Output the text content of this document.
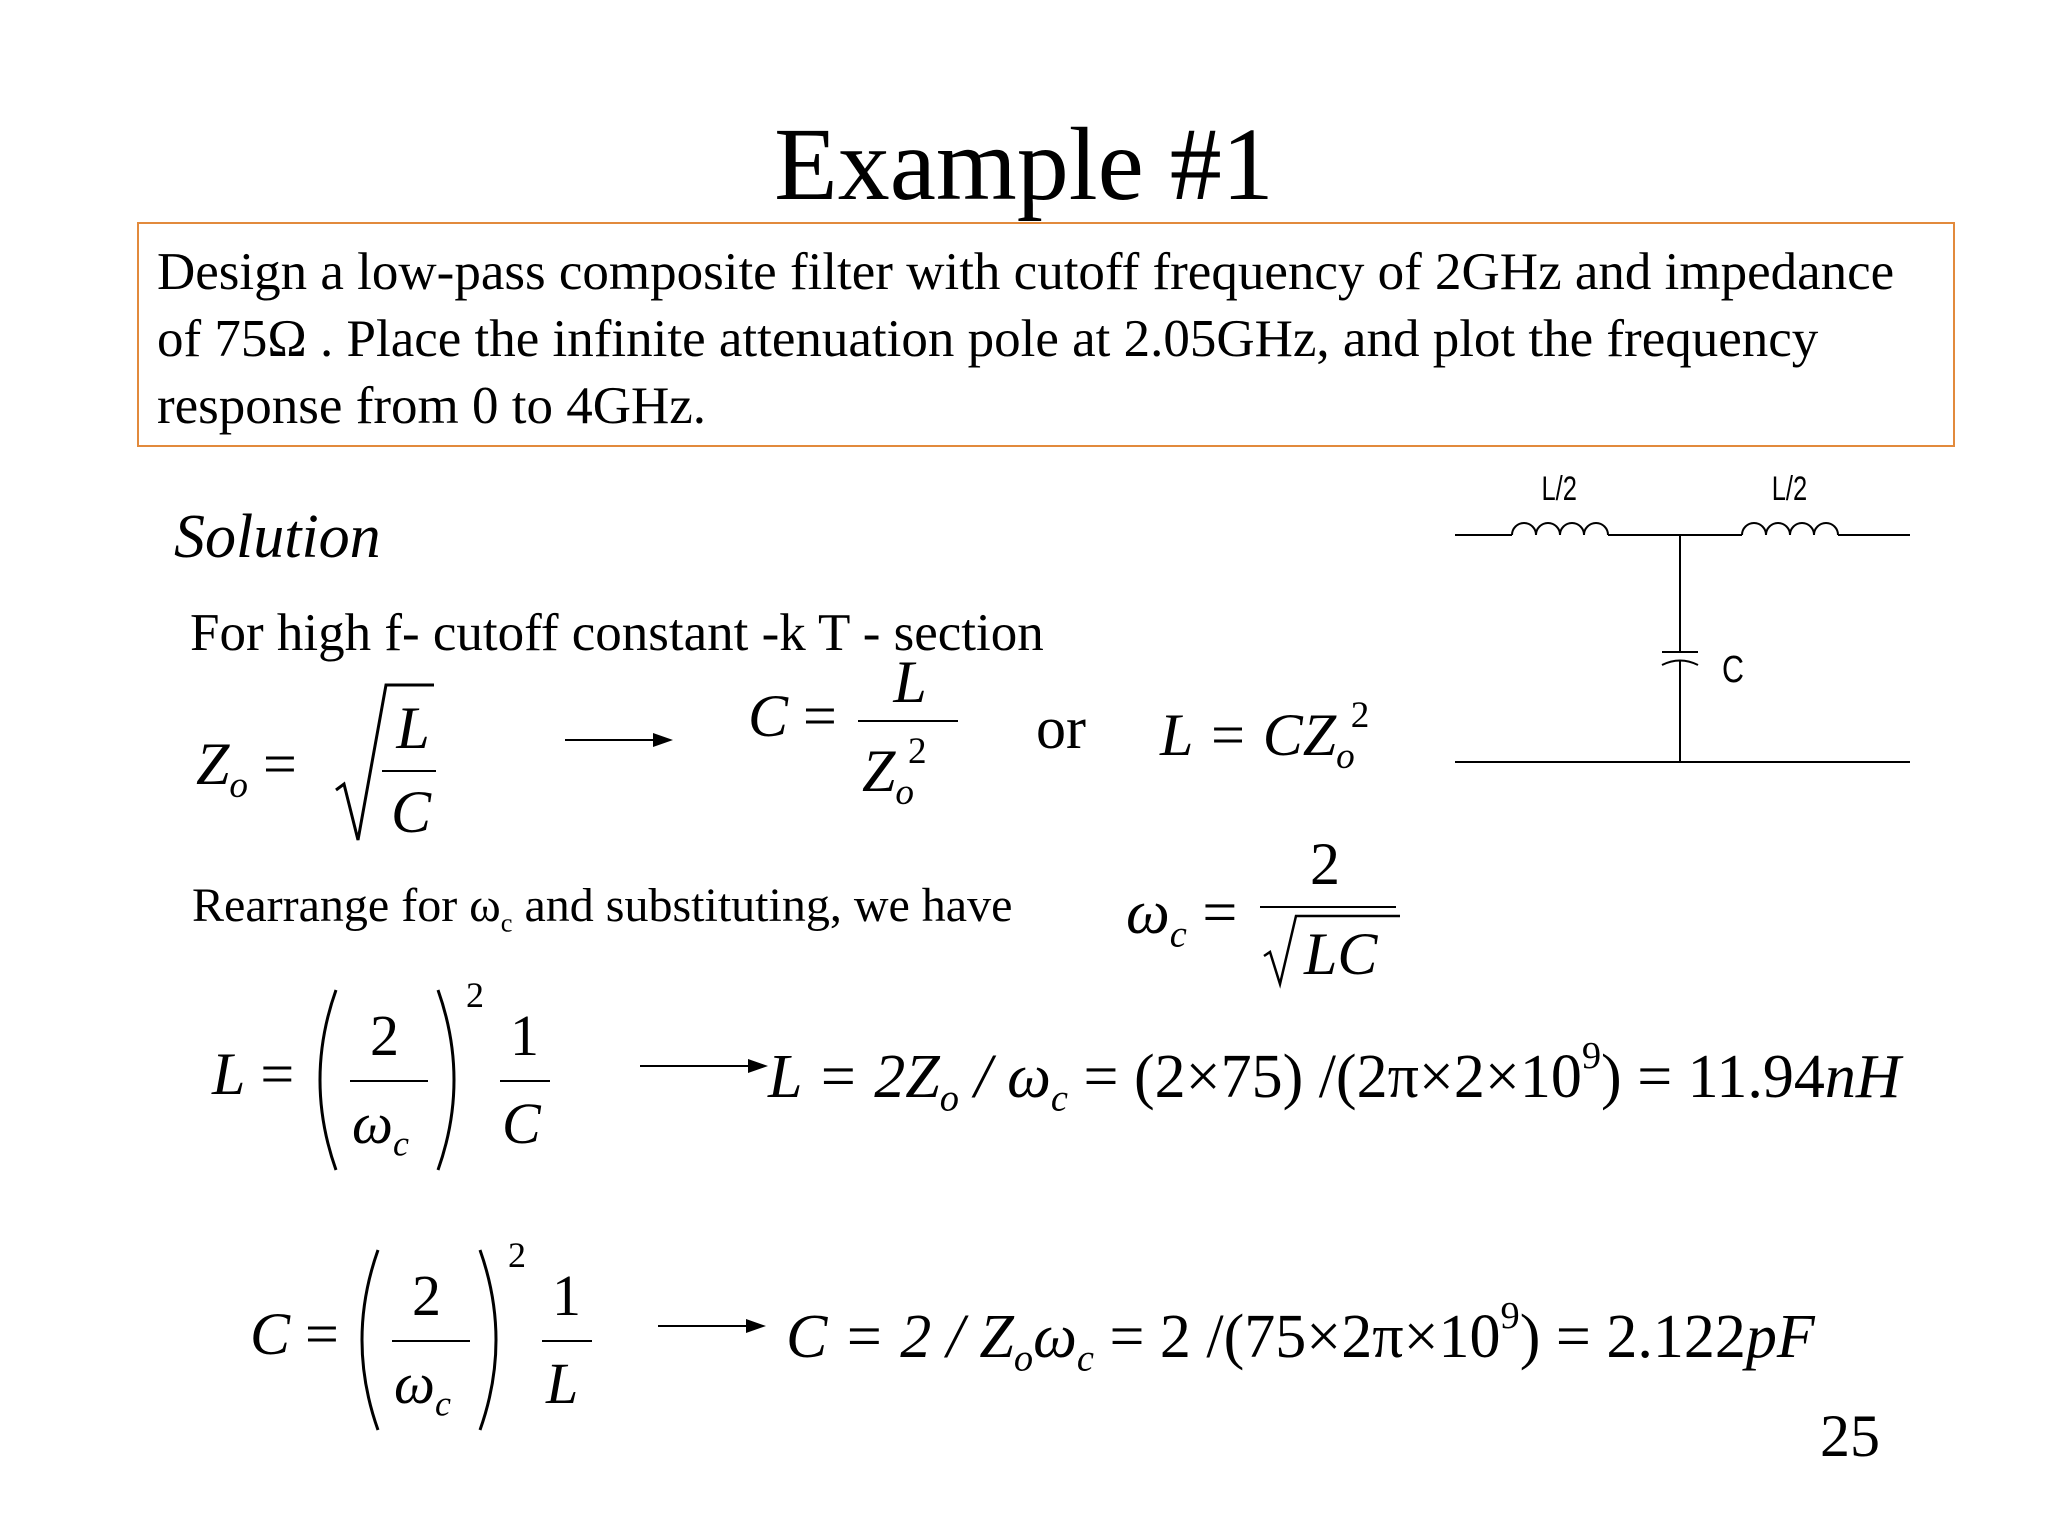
Example #1
Design a low-pass composite filter with cutoff frequency of 2GHz and impedance of 75Ω . Place the infinite attenuation pole at 2.05GHz, and plot the frequency response from 0 to 4GHz.
Solution
For high f- cutoff constant -k T - section
L/2	L/2
C
$Z_o$ =
L
C
C =
L
$Z_o^2$ or $L = CZ_o^2$
Rearrange for $\omega_c$ and substituting, we have $\omega_c$ =
2
LC
L =
2
$\omega_c$
2
1
C
$L = 2Z_o / \omega_c = (2\times 75) /(2\pi\times 2\times 10^9) = 11.94nH$
C =
2
$\omega_c$
2
1
L
$C = 2 / Z_o\omega_c = 2$ $/(75\times 2\pi\times 10^9) = 2.122pF$
25
